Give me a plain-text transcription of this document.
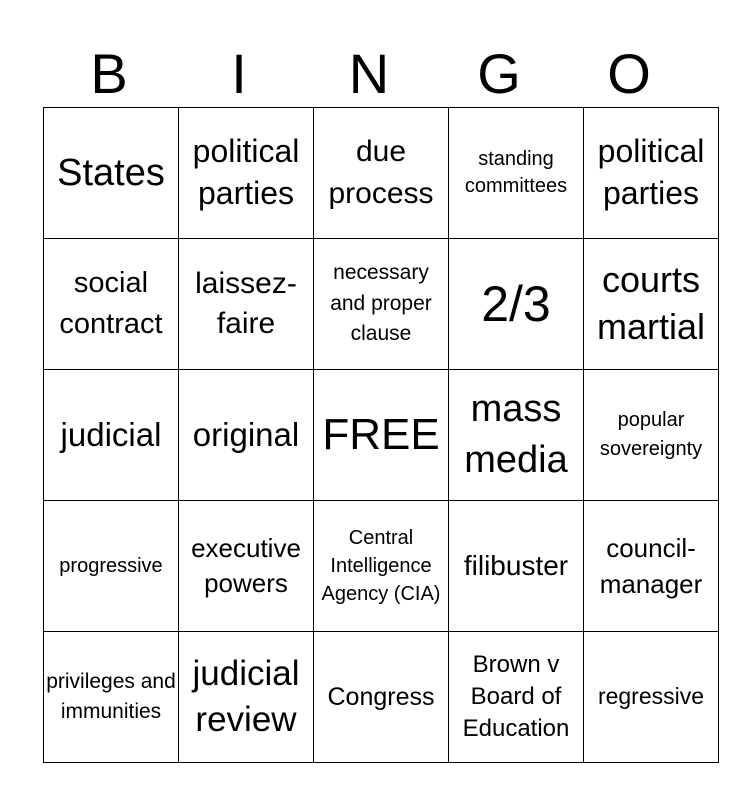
B	I	N	G	O
States	political parties	due process	standing committees	political parties
social contract	laissez-faire	necessary and proper clause	2/3	courts martial
judicial	original	FREE	mass media	popular sovereignty
progressive	executive powers	Central Intelligence Agency (CIA)	filibuster	council-manager
privileges and immunities	judicial review	Congress	Brown v Board of Education	regressive
